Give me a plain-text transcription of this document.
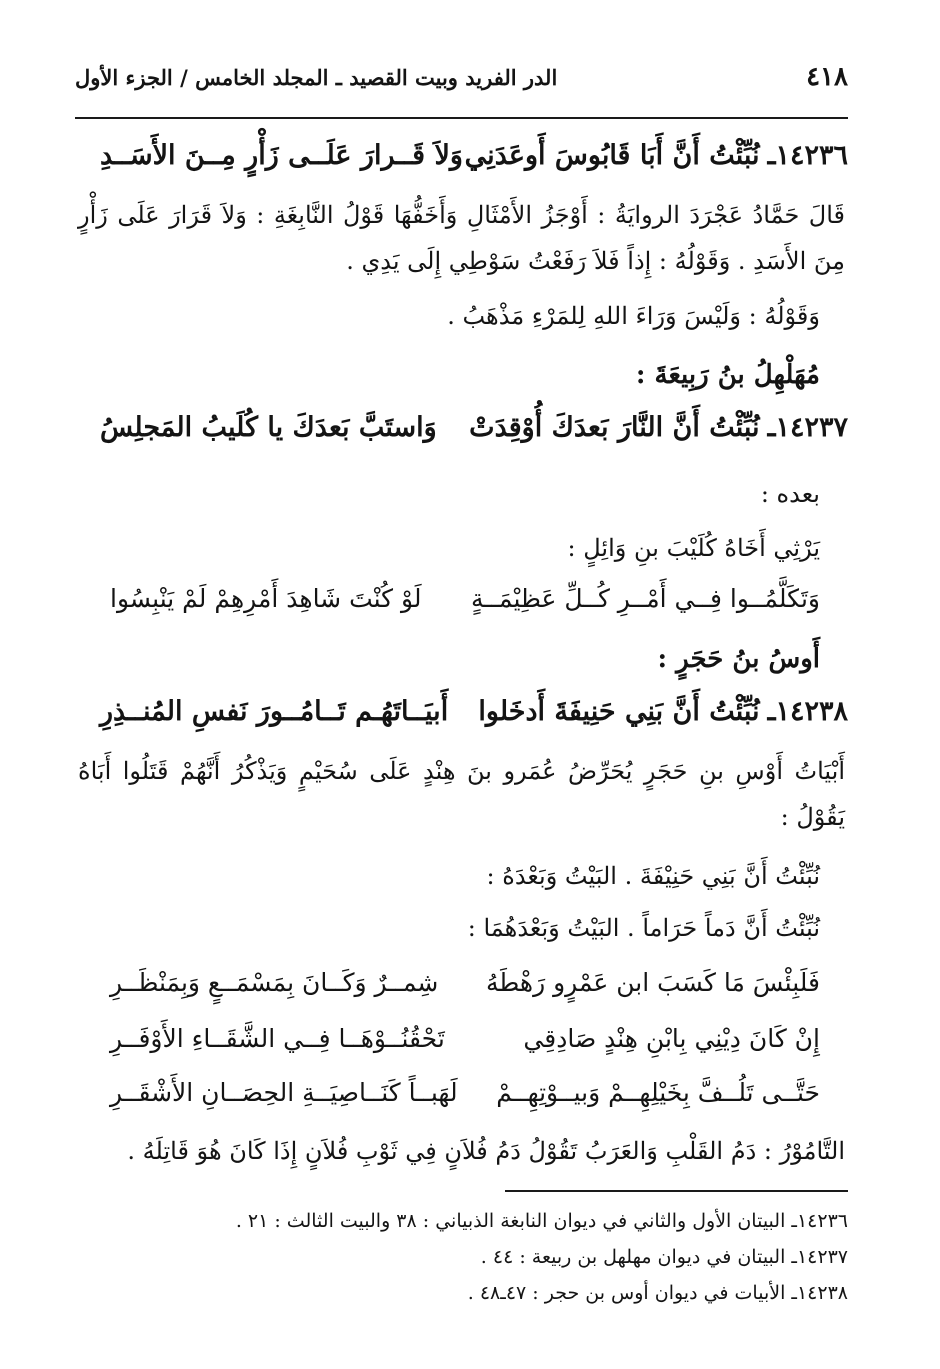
٤١٨
الدر الفريد وبيت القصيد ـ المجلد الخامس / الجزء الأول
١٤٢٣٦ـ
نُبِّئْتُ أَنَّ أَبَا قَابُوسَ أَوعَدَنِي
وَلاَ قَــرارَ عَلَــى زَأْرٍ مِــنَ الأَسَــدِ
قَالَ حَمَّادُ عَجْرَدَ الروايَةُ : أَوْجَزُ الأَمْثَالِ وَأَخَفُّهَا قَوْلُ النَّابِغَةِ : وَلاَ قَرَارَ عَلَى زَأْرٍ مِنَ الأَسَدِ . وَقَوْلُهُ : إِذاً فَلاَ رَفَعْتُ سَوْطِي إِلَى يَدِي .
وَقَوْلُهُ : وَلَيْسَ وَرَاءَ اللهِ لِلمَرْءِ مَذْهَبُ .
مُهَلْهِلُ بنُ رَبِيعَةَ :
١٤٢٣٧ـ
نُبِّئْتُ أَنَّ النَّارَ بَعدَكَ أُوْقِدَتْ
وَاستَبَّ بَعدَكَ يا كُلَيبُ المَجلِسُ
بعده :
يَرْثِي أَخَاهُ كُلَيْبَ بنِ وَائِلٍ :
وَتَكَلَّمُــوا فِــي أَمْــرِ كُــلِّ عَظِيْمَــةٍ
لَوْ كُنْتَ شَاهِدَ أَمْرِهِمْ لَمْ يَنْبِسُوا
أَوسُ بنُ حَجَرٍ :
١٤٢٣٨ـ
نُبِّئْتُ أَنَّ بَنِي حَنِيفَةَ أَدخَلوا
أَبيَــاتَهُـم تَــامُــورَ نَفسِ المُنــذِرِ
أَبْيَاتُ أَوْسِ بنِ حَجَرٍ يُحَرِّضُ عُمَرو بنَ هِنْدٍ عَلَى سُحَيْمٍ وَيَذْكُرُ أَنَّهُمْ قَتَلُوا أَبَاهُ يَقُوْلُ :
نُبِّئْتُ أَنَّ بَنِي حَنِيْفَةَ . البَيْتُ وَبَعْدَهُ :
نُبِّئْتُ أَنَّ دَماً حَرَاماً . البَيْتُ وَبَعْدَهُمَا :
فَلَبِئْسَ مَا كَسَبَ ابن عَمْرٍو رَهْطَهُ
شِمــرٌ وَكَــانَ بِمَسْمَــعٍ وَبِمَنْظَــرِ
إِنْ كَانَ دِيْنِي بِابْنِ هِنْدٍ صَادِقِي
تَحْقُنُــوْهَــا فِــي الشَّقَــاءِ الأَوْفَــرِ
حَتَّــى تَلُــفَّ بِخَيْلِهِــمْ وَبيــوْتِهِــمْ
لَهَبــاً كَنَــاصِيَــةِ الحِصَــانِ الأَشْقَــرِ
التَّامُوْرُ : دَمُ القَلْبِ وَالعَرَبُ تَقُوْلُ دَمُ فُلاَنٍ فِي ثَوْبِ فُلاَنٍ إِذَا كَانَ هُوَ قَاتِلَهُ .
١٤٢٣٦ـ البيتان الأول والثاني في ديوان النابغة الذبياني : ٣٨ والبيت الثالث : ٢١ .
١٤٢٣٧ـ البيتان في ديوان مهلهل بن ربيعة : ٤٤ .
١٤٢٣٨ـ الأبيات في ديوان أوس بن حجر : ٤٧ـ٤٨ .
